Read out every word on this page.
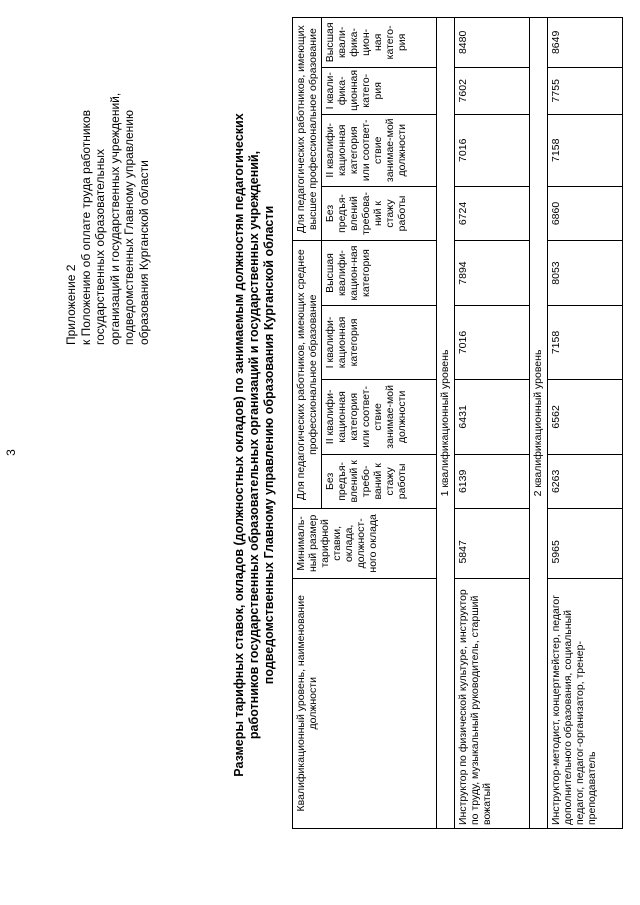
3
Приложение 2 к Положению об оплате труда работников государственных образовательных организаций и государственных учреждений, подведомственных Главному управлению образования Курганской области	Размеры тарифных ставок, окладов (должностных окладов) по занимаемым должностям педагогических работников государственных образовательных организаций и государственных учреждений, подведомственных Главному управлению образования Курганской области
Квалификационный уровень, наименование должности	Минималь-ный размер тарифной ставки, оклада, должност-ного оклада	Для педагогических работников, имеющих среднее профессиональное образование				Для педагогических работников, имеющих высшее профессиональное образование			
		Без предъя-влений к требо-ваний к стажу работы	II квалифи-кационная категория или соответ-ствие занимае-мой должности	I квалифи-кационная категория	Высшая квалифи-кацион-ная категория	Без предъя-влений требова-ний к стажу работы	II квалифи-кационная категория или соответ-ствие занимае-мой должности	I квали-фика-ционная катего-рия	Высшая квали-фика-цион-ная катего-рия
1 квалификационный уровень									
Инструктор по физической культуре, инструктор по труду, музыкальный руководитель, старший вожатый	5847	6139	6431	7016	7894	6724	7016	7602	8480
2 квалификационный уровень									
Инструктор-методист, концертмейстер, педагог дополнительного образования, социальный педагог, педагог-организатор, тренер-преподаватель	5965	6263	6562	7158	8053	6860	7158	7755	8649
